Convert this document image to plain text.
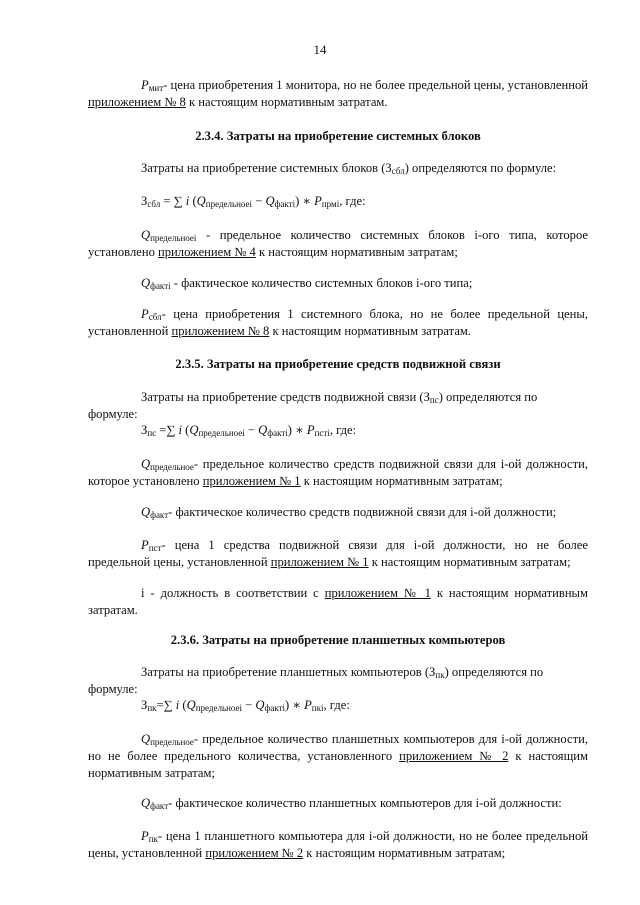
14

$P_{мит}-$ цена приобретения 1 монитора, но не более предельной цены, установленной приложением № 8 к настоящим нормативным затратам.

2.3.4. Затраты на приобретение системных блоков

Затраты на приобретение системных блоков $(З_{сбл})$ определяются по формуле:

$З_{сбл}$ = ∑ i $(Q_{предельноеi} - Q_{факті})$ ∗ $P_{прмі}$, где:

$Q_{предельноеі}$ - предельное количество системных блоков i-ого типа, которое установлено приложением № 4 к настоящим нормативным затратам;

$Q_{фактi}$ - фактическое количество системных блоков i-ого типа;

$P_{сбл}-$ цена приобретения 1 системного блока, но не более предельной цены, установленной приложением № 8 к настоящим нормативным затратам.

2.3.5. Затраты на приобретение средств подвижной связи

Затраты на приобретение средств подвижной связи $(З_{пс})$ определяются по формуле:

$З_{пс}$ =∑ i $(Q_{предельноеі} - Q_{факті})$ ∗ $P_{псті}$, где:

$Q_{предельное}-$ предельное количество средств подвижной связи для i-ой должности, которое установлено приложением № 1 к настоящим нормативным затратам;

$Q_{факт}-$ фактическое количество средств подвижной связи для i-ой должности;

$P_{пст}-$ цена 1 средства подвижной связи для i-ой должности, но не более предельной цены, установленной приложением № 1 к настоящим нормативным затратам;

i - должность в соответствии с приложением № 1 к настоящим нормативным затратам.

2.3.6. Затраты на приобретение планшетных компьютеров

Затраты на приобретение планшетных компьютеров $(З_{пк})$ определяются по формуле:

$З_{пк}=\sum$ i $(Q_{предельноеi} - Q_{факті})$ ∗ $P_{пкі}$, где:

$Q_{предельное}-$ предельное количество планшетных компьютеров для i-ой должности, но не более предельного количества, установленного приложением № 2 к настоящим нормативным затратам;

$Q_{факт}-$ фактическое количество планшетных компьютеров для i-ой должности:

$P_{пк}-$ цена 1 планшетного компьютера для i-ой должности, но не более предельной цены, установленной приложением № 2 к настоящим нормативным затратам;
